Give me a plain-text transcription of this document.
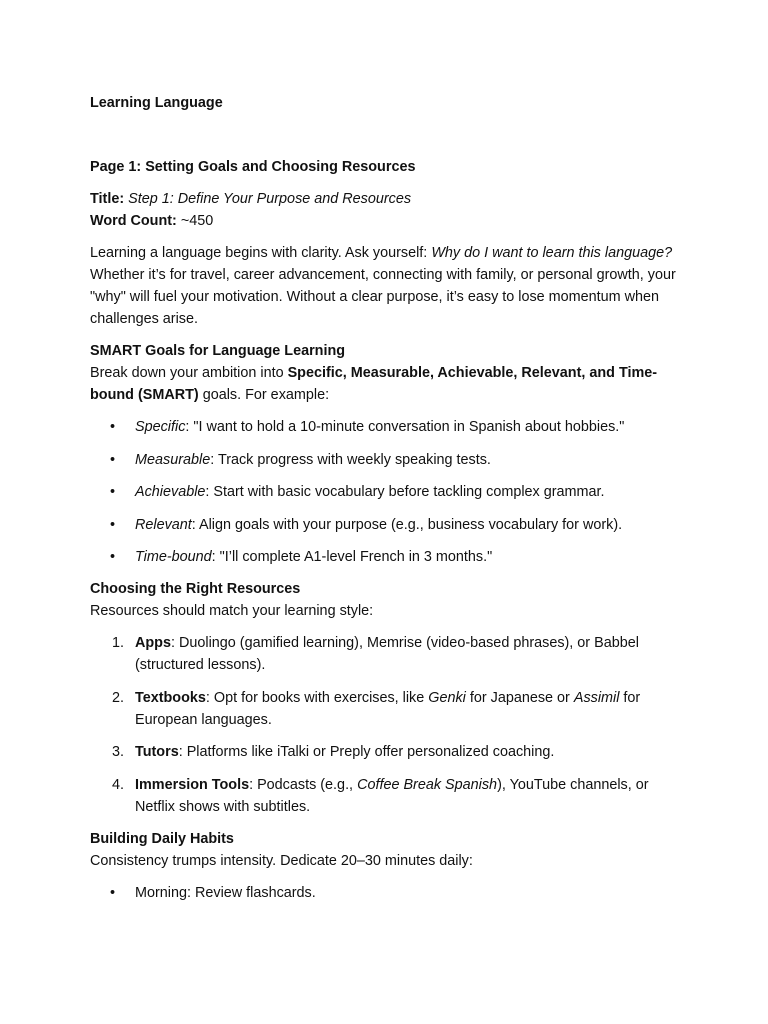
Learning Language

Page 1: Setting Goals and Choosing Resources

Title: Step 1: Define Your Purpose and Resources

Word Count: ~450

Learning a language begins with clarity. Ask yourself: Why do I want to learn this language? Whether it’s for travel, career advancement, connecting with family, or personal growth, your "why" will fuel your motivation. Without a clear purpose, it’s easy to lose momentum when challenges arise.

SMART Goals for Language Learning

Break down your ambition into Specific, Measurable, Achievable, Relevant, and Time-bound (SMART) goals. For example:

• Specific: "I want to hold a 10-minute conversation in Spanish about hobbies."
• Measurable: Track progress with weekly speaking tests.
• Achievable: Start with basic vocabulary before tackling complex grammar.
• Relevant: Align goals with your purpose (e.g., business vocabulary for work).
• Time-bound: "I’ll complete A1-level French in 3 months."

Choosing the Right Resources

Resources should match your learning style:

1. Apps: Duolingo (gamified learning), Memrise (video-based phrases), or Babbel (structured lessons).
2. Textbooks: Opt for books with exercises, like Genki for Japanese or Assimil for European languages.
3. Tutors: Platforms like iTalki or Preply offer personalized coaching.
4. Immersion Tools: Podcasts (e.g., Coffee Break Spanish), YouTube channels, or Netflix shows with subtitles.

Building Daily Habits

Consistency trumps intensity. Dedicate 20–30 minutes daily:

• Morning: Review flashcards.
